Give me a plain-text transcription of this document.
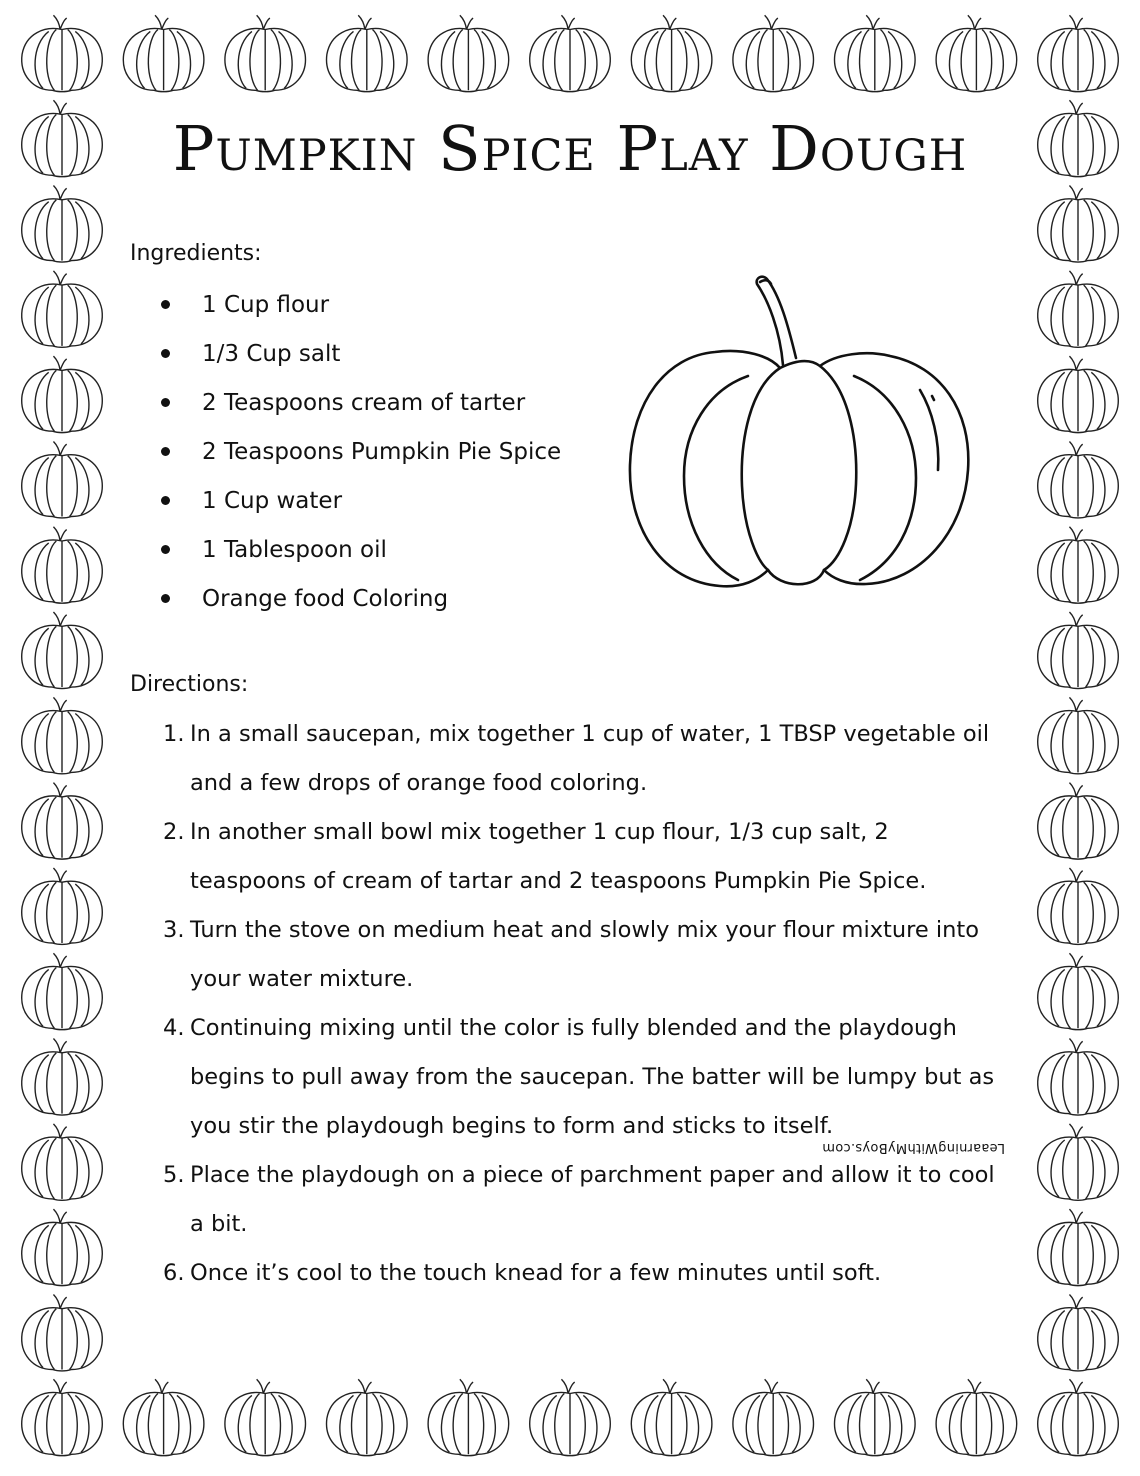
Pumpkin Spice Play Dough
Ingredients:
1 Cup flour
1/3 Cup salt
2 Teaspoons cream of tarter
2 Teaspoons Pumpkin Pie Spice
1 Cup water
1 Tablespoon oil
Orange food Coloring
Directions:
1. In a small saucepan, mix together 1 cup of water, 1 TBSP vegetable oil and a few drops of orange food coloring.
2. In another small bowl mix together 1 cup flour, 1/3 cup salt, 2 teaspoons of cream of tartar and 2 teaspoons Pumpkin Pie Spice.
3. Turn the stove on medium heat and slowly mix your flour mixture into your water mixture.
4. Continuing mixing until the color is fully blended and the playdough begins to pull away from the saucepan. The batter will be lumpy but as you stir the playdough begins to form and sticks to itself.
5. Place the playdough on a piece of parchment paper and allow it to cool a bit.
6. Once it’s cool to the touch knead for a few minutes until soft.
LeaarningWithMyBoys.com
